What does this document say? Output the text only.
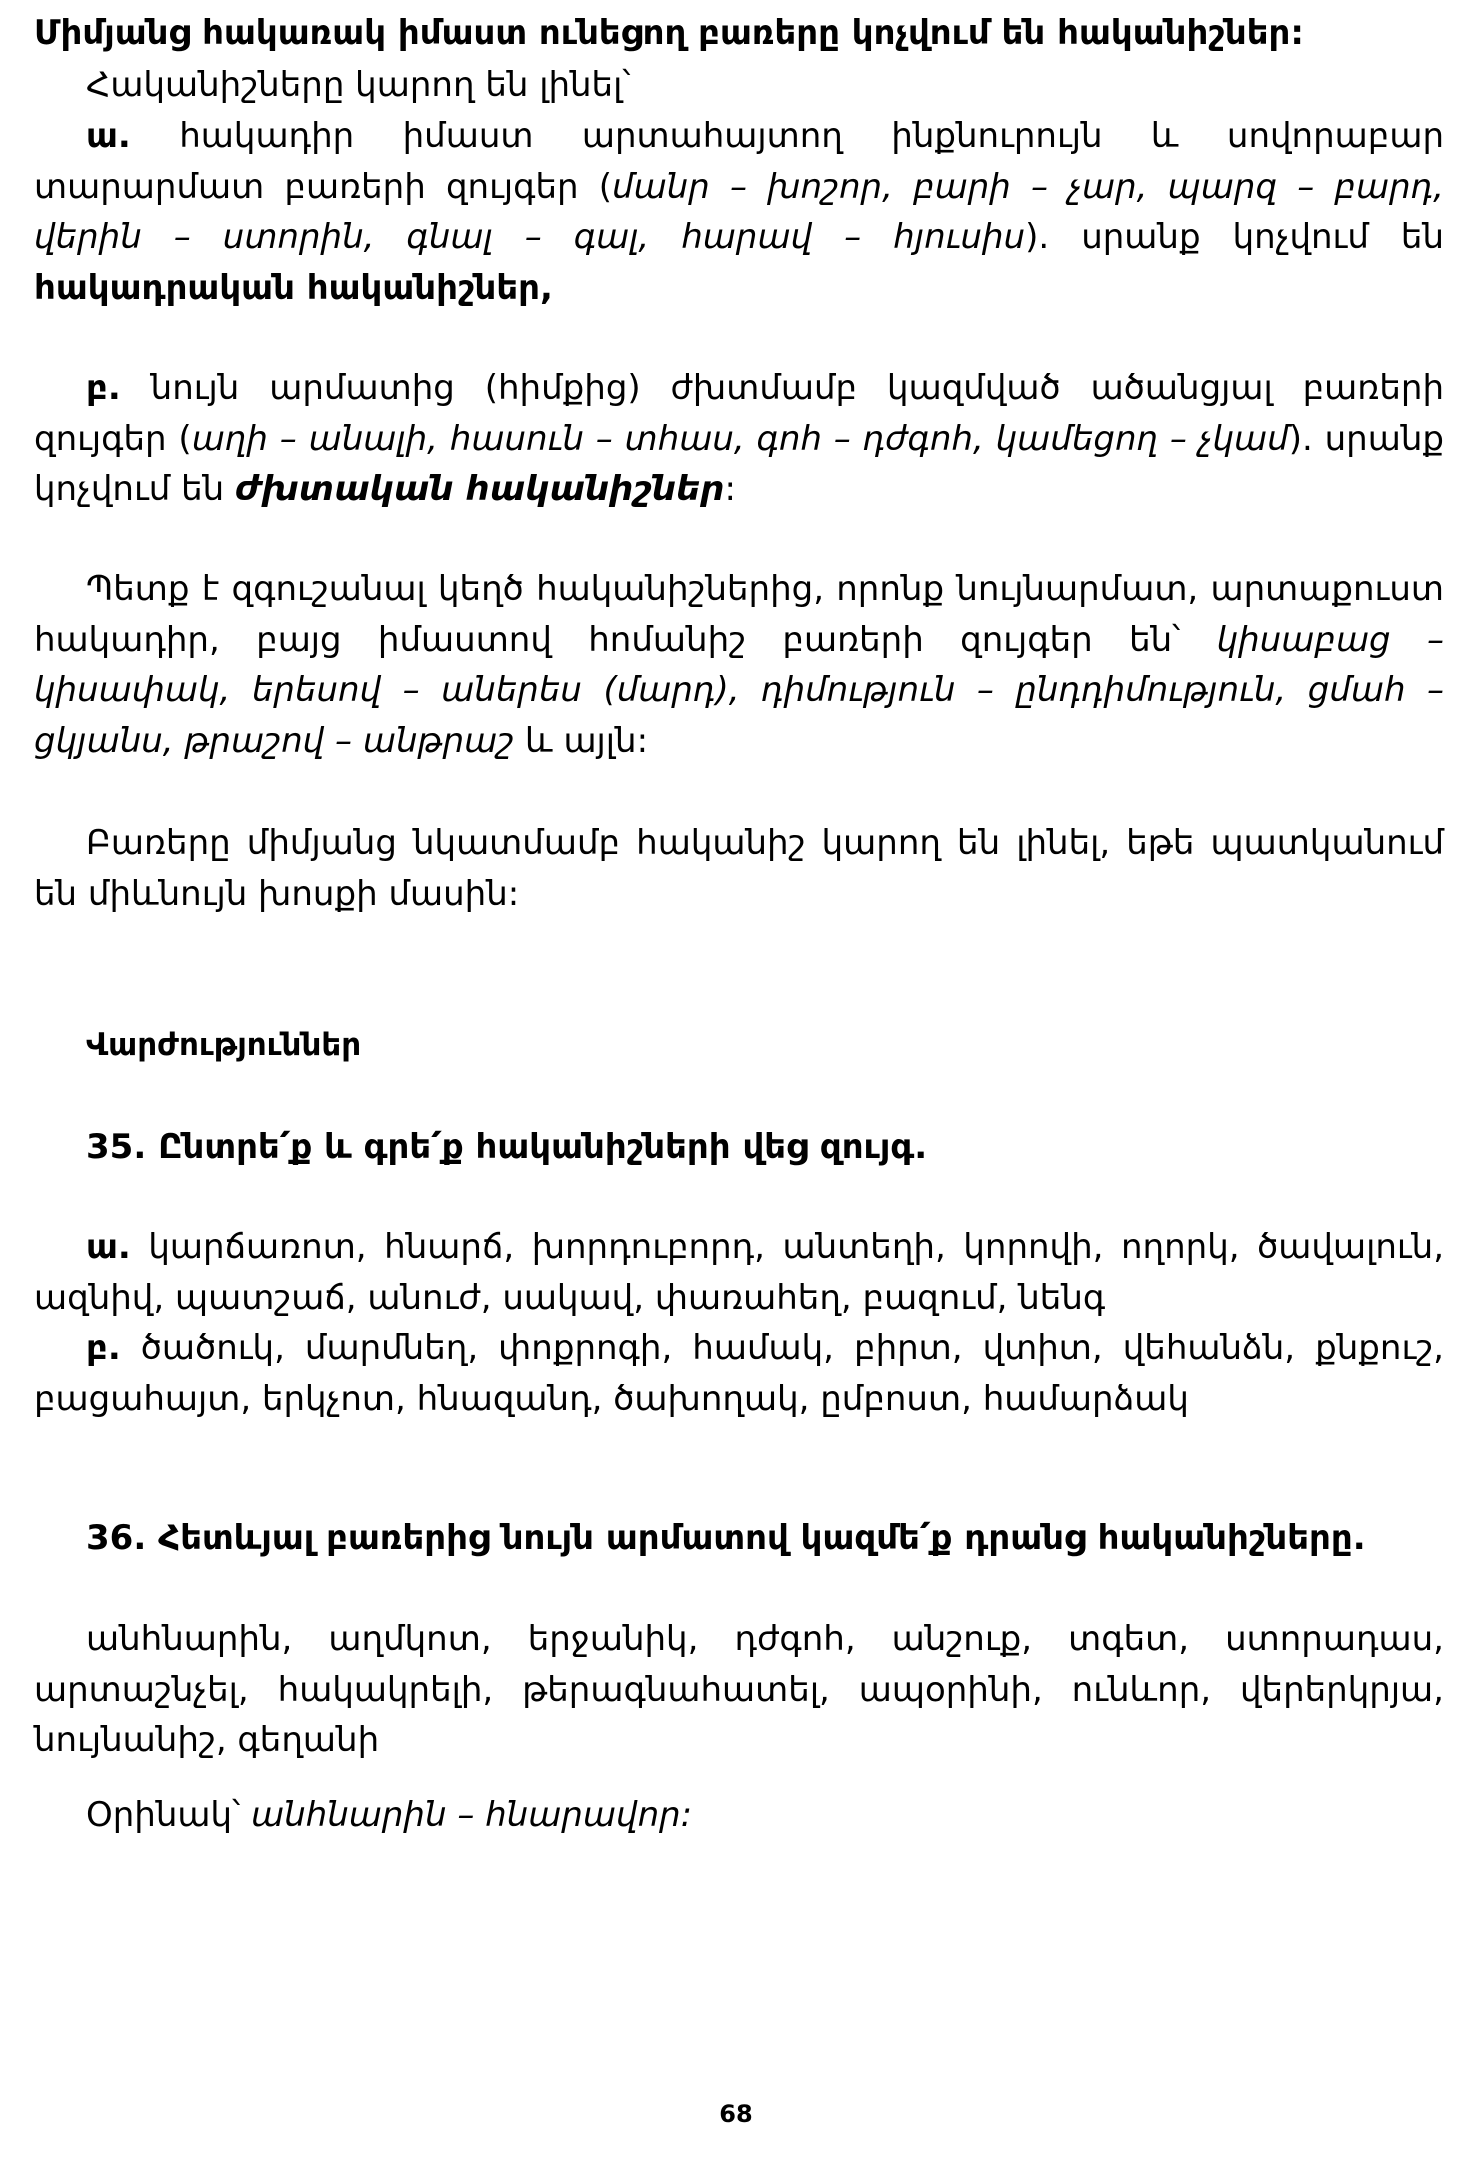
Միմյանց հակառակ իմաստ ունեցող բառերը կոչվում են հականիշներ:

Հականիշները կարող են լինել՝

ա. հակադիր իմաստ արտահայտող ինքնուրույն և սովորաբար տարարմատ բառերի զույգեր (մանր – խոշոր, բարի – չար, պարզ – բարդ, վերին – ստորին, գնալ – գալ, հարավ – հյուսիս). սրանք կոչվում են հակադրական հականիշներ,

բ. նույն արմատից (հիմքից) ժխտմամբ կազմված ածանցյալ բառերի զույգեր (աղի – անալի, հասուն – տհաս, գոհ – դժգոհ, կամեցող – չկամ). սրանք կոչվում են ժխտական հականիշներ:

Պետք է զգուշանալ կեղծ հականիշներից, որոնք նույնարմատ, արտաքուստ հակադիր, բայց իմաստով հոմանիշ բառերի զույգեր են՝ կիսաբաց – կիսափակ, երեսով – աներես (մարդ), դիմություն – ընդդիմություն, ցմահ – ցկյանս, թրաշով – անթրաշ և այլն:

Բառերը միմյանց նկատմամբ հականիշ կարող են լինել, եթե պատկանում են միևնույն խոսքի մասին:

Վարժություններ

35. Ընտրե՛ք և գրե՛ք հականիշների վեց զույգ.

ա. կարճառոտ, հնարճ, խորդուբորդ, անտեղի, կորովի, ողորկ, ծավալուն, ազնիվ, պատշաճ, անուժ, սակավ, փառահեղ, բազում, նենգ

բ. ծածուկ, մարմնեղ, փոքրոգի, համակ, բիրտ, վտիտ, վեհանձն, քնքուշ, բացահայտ, երկչոտ, հնազանդ, ծախողակ, ըմբոստ, համարձակ

36. Հետևյալ բառերից նույն արմատով կազմե՛ք դրանց հականիշները.

անհնարին, աղմկոտ, երջանիկ, դժգոհ, անշուք, տգետ, ստորադաս, արտաշնչել, հակակրելի, թերագնահատել, ապօրինի, ունևոր, վերերկրյա, նույնանիշ, գեղանի

Օրինակ՝ անհնարին – հնարավոր:

68
